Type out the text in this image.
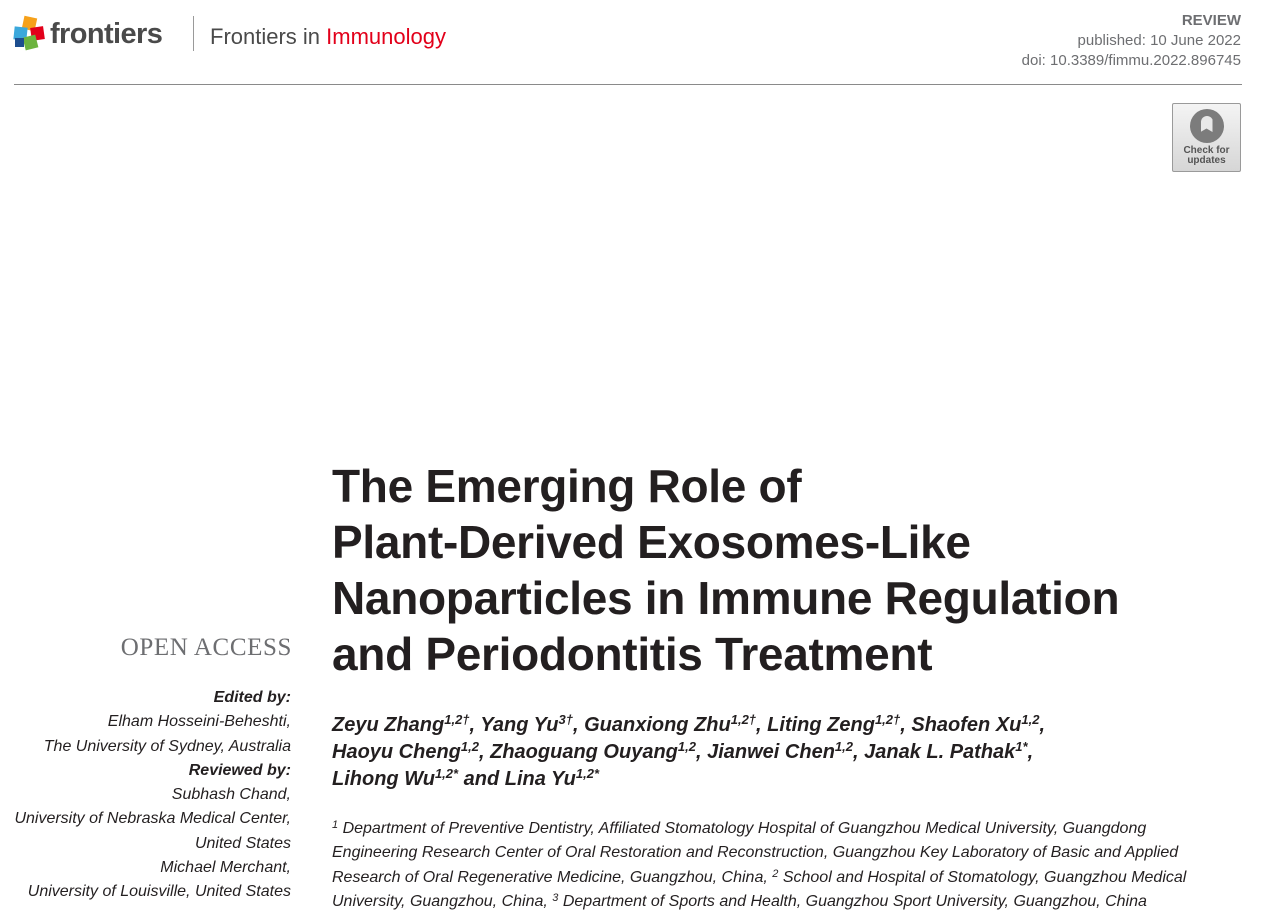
frontiers Frontiers in Immunology
REVIEW
published: 10 June 2022
doi: 10.3389/fimmu.2022.896745
Check for updates
The Emerging Role of
Plant-Derived Exosomes-Like
Nanoparticles in Immune Regulation
and Periodontitis Treatment
OPEN ACCESS
Edited by:
Elham Hosseini-Beheshti,
The University of Sydney, Australia
Reviewed by:
Subhash Chand,
University of Nebraska Medical Center,
United States
Michael Merchant,
University of Louisville, United States
Zeyu Zhang$^{1,2\dagger}$, Yang $Yu^{3\dagger}$, Guanxiong Zhu$^{1,2\dagger}$, Liting Zeng$^{1,2\dagger}$, Shaofen Xu$^{1,2}$,
Haoyu Cheng$^{1,2}$, Zhaoguang Ouyang$^{1,2}$, Jianwei Chen$^{1,2}$, Janak L. Pathak$^{1*}$,
Lihong $Wu^{1,2*}$ and Lina $Yu^{1,2*}$
$^1$ Department of Preventive Dentistry, Affiliated Stomatology Hospital of Guangzhou Medical University, Guangdong Engineering Research Center of Oral Restoration and Reconstruction, Guangzhou Key Laboratory of Basic and Applied Research of Oral Regenerative Medicine, Guangzhou, China, $^2$ School and Hospital of Stomatology, Guangzhou Medical University, Guangzhou, China, $^3$ Department of Sports and Health, Guangzhou Sport University, Guangzhou, China
